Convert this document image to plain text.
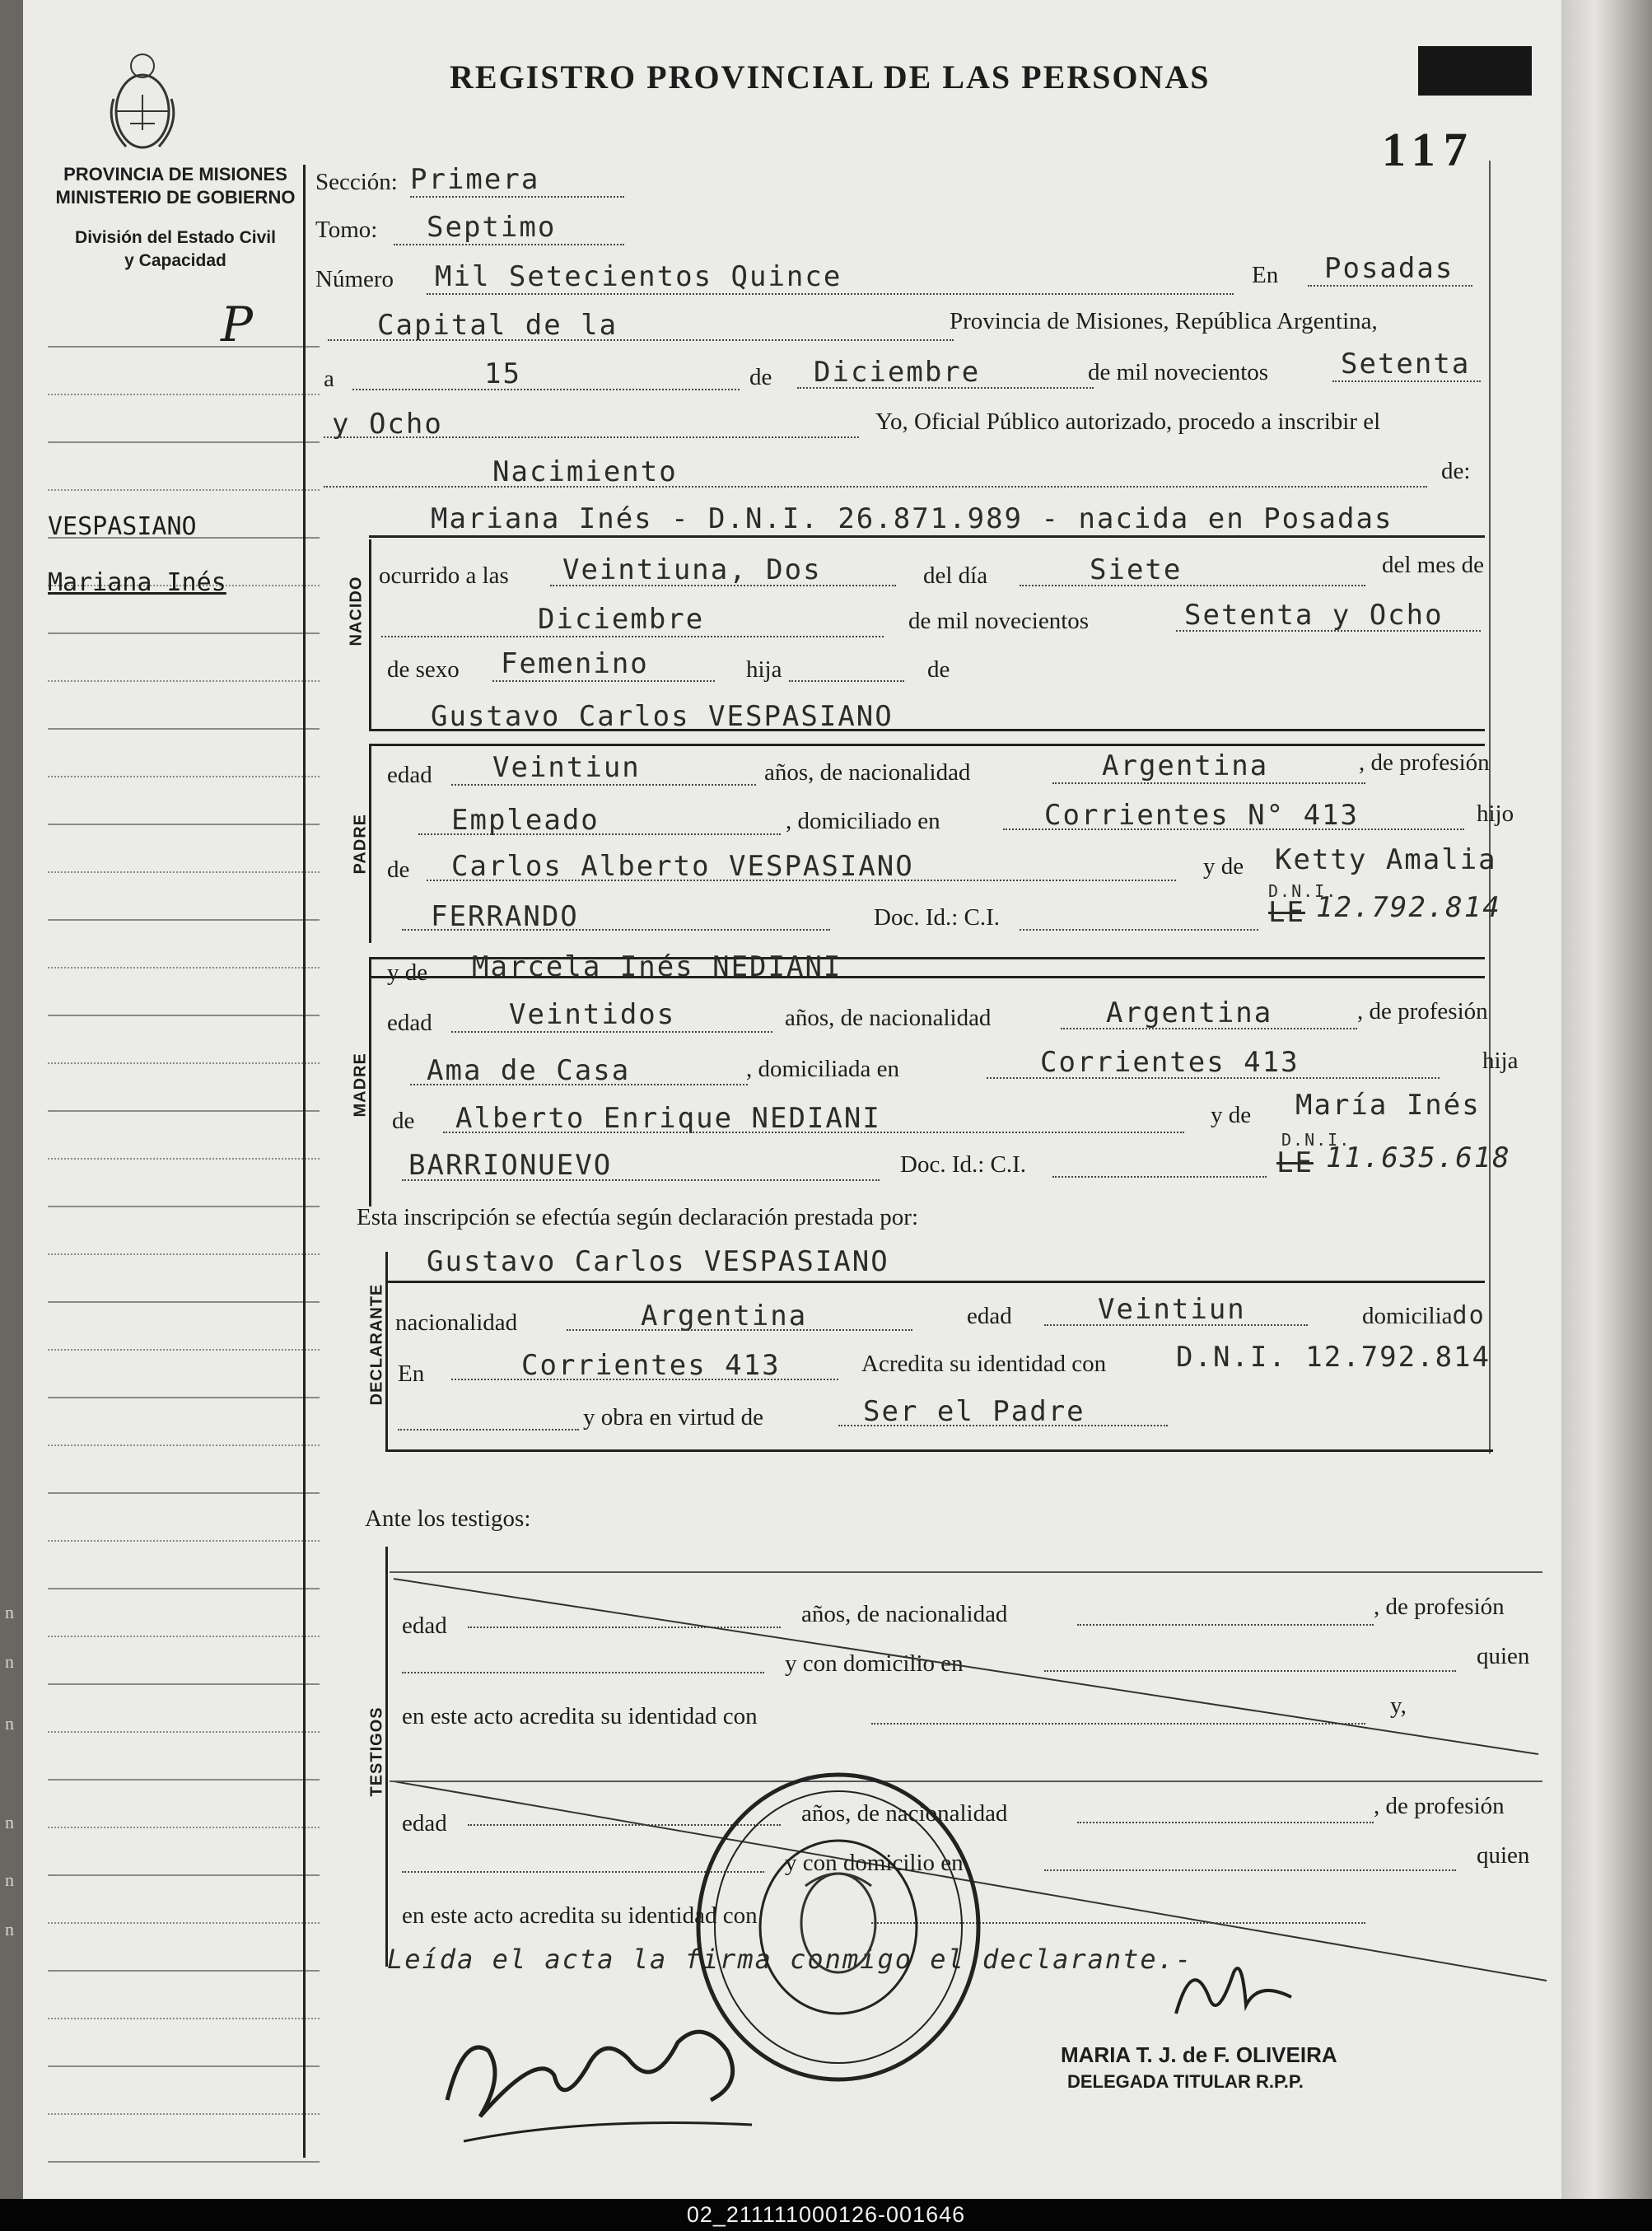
REGISTRO PROVINCIAL DE LAS PERSONAS
117
PROVINCIA DE MISIONES
MINISTERIO DE GOBIERNO
División del Estado Civil
y Capacidad
P
VESPASIANO
Mariana Inés
Sección: Primera
Tomo: Septimo
Número Mil Setecientos Quince	En Posadas
Capital de la	Provincia de Misiones, República Argentina,
a	15	de Diciembre	de mil novecientos	Setenta
y Ocho	Yo, Oficial Público autorizado, procedo a inscribir el
Nacimiento	de:
NACIDO
Mariana Inés - D.N.I. 26.871.989 - nacida en Posadas
ocurrido a las Veintiuna, Dos	del día	Siete	del mes de
Diciembre	de mil novecientos	Setenta y Ocho
de sexo Femenino	hija	de
Gustavo Carlos VESPASIANO
PADRE
edad Veintiun	años, de nacionalidad	Argentina	, de profesión
Empleado	, domiciliado en	Corrientes N° 413	hijo
de Carlos Alberto VESPASIANO	y de Ketty Amalia
FERRANDO	Doc. Id.: C.I.
D.N.I.
LE 12.792.814
y de Marcela Inés NEDIANI
MADRE
edad	Veintidos	años, de nacionalidad	Argentina	, de profesión
Ama de Casa	, domiciliada en	Corrientes 413	hija
de Alberto Enrique NEDIANI	y de María Inés
BARRIONUEVO	Doc. Id.: C.I.
D.N.I.
LE 11.635.618
Esta inscripción se efectúa según declaración prestada por:
Gustavo Carlos VESPASIANO
DECLARANTE nacionalidad	Argentina	edad	Veintiun	domiciliado
En	Corrientes 413	Acredita su identidad con D.N.I. 12.792.814
y obra en virtud de	Ser el Padre
Ante los testigos:
TESTIGOS
edad	años, de nacionalidad	, de profesión
y con domicilio en	quien
en este acto acredita su identidad con	y,
edad	años, de nacionalidad	, de profesión
y con domicilio en	quien
en este acto acredita su identidad con
Leída el acta la firma conmigo el declarante.-
MARIA T. J. de F. OLIVEIRA
DELEGADA TITULAR R.P.P.
n
n
n
n
n
n
02_211111000126-001646
